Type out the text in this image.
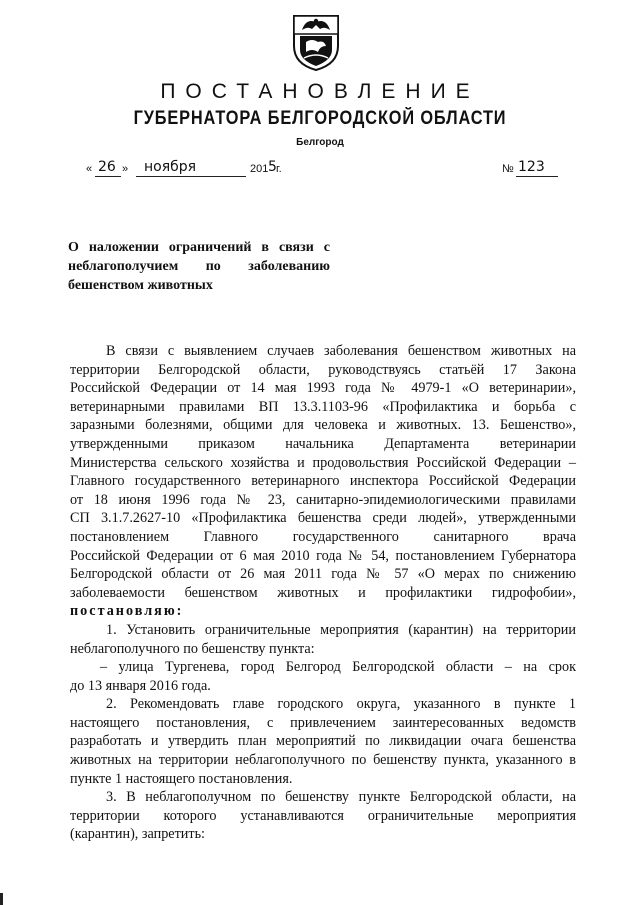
ПОСТАНОВЛЕНИЕ
ГУБЕРНАТОРА БЕЛГОРОДСКОЙ ОБЛАСТИ
Белгород
« 26 » ноября	201 5 г.	№ 123
О наложении ограничений в связи с
неблагополучием по заболеванию
бешенством животных
В связи с выявлением случаев заболевания бешенством животных на
территории Белгородской области, руководствуясь статьёй 17 Закона
Российской Федерации от 14 мая 1993 года № 4979-1 «О ветеринарии»,
ветеринарными правилами ВП 13.3.1103-96 «Профилактика и борьба с
заразными болезнями, общими для человека и животных. 13. Бешенство»,
утвержденными приказом начальника Департамента ветеринарии
Министерства сельского хозяйства и продовольствия Российской Федерации –
Главного государственного ветеринарного инспектора Российской Федерации
от 18 июня 1996 года № 23, санитарно-эпидемиологическими правилами
СП 3.1.7.2627-10 «Профилактика бешенства среди людей», утвержденными
постановлением Главного государственного санитарного врача
Российской Федерации от 6 мая 2010 года № 54, постановлением Губернатора
Белгородской области от 26 мая 2011 года № 57 «О мерах по снижению
заболеваемости бешенством животных и профилактики гидрофобии»,
постановляю:
1. Установить ограничительные мероприятия (карантин) на территории
неблагополучного по бешенству пункта:
– улица Тургенева, город Белгород Белгородской области – на срок
до 13 января 2016 года.
2. Рекомендовать главе городского округа, указанного в пункте 1
настоящего постановления, с привлечением заинтересованных ведомств
разработать и утвердить план мероприятий по ликвидации очага бешенства
животных на территории неблагополучного по бешенству пункта, указанного в
пункте 1 настоящего постановления.
3. В неблагополучном по бешенству пункте Белгородской области, на
территории которого устанавливаются ограничительные мероприятия
(карантин), запретить:
